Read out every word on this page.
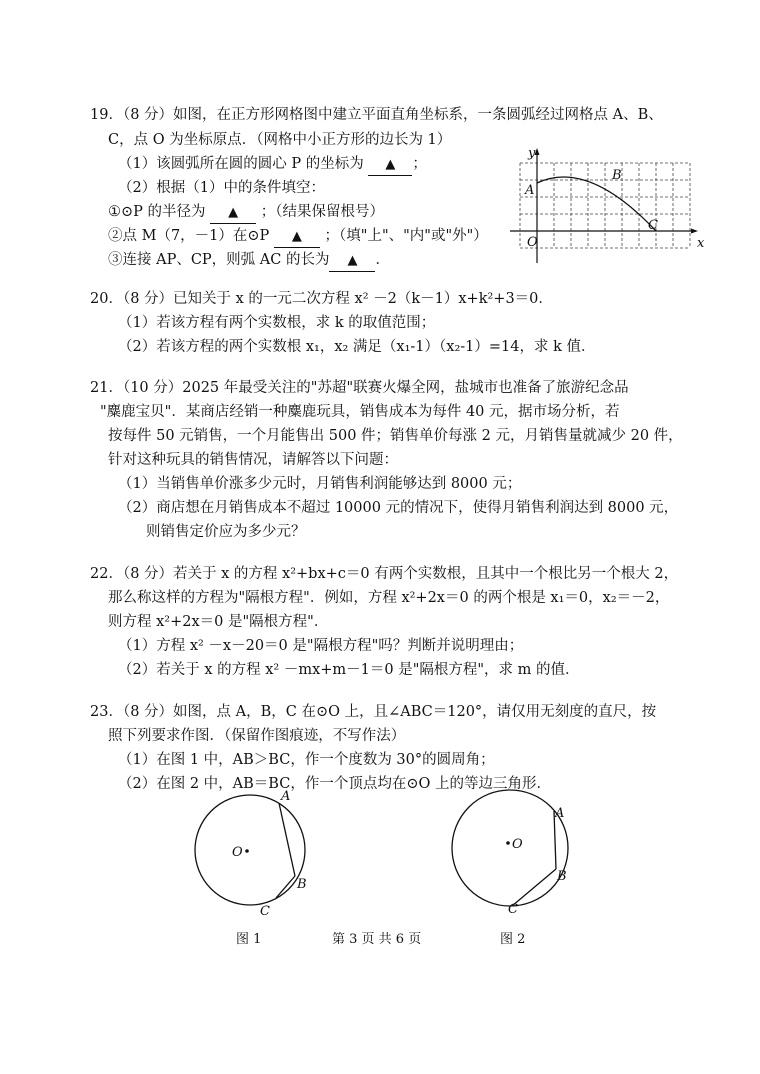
19．（8 分）如图，在正方形网格图中建立平面直角坐标系，一条圆弧经过网格点 A、B、
C，点 O 为坐标原点．（网格中小正方形的边长为 1）
（1）该圆弧所在圆的圆心 P 的坐标为 ▲ ；
（2）根据（1）中的条件填空：
①⊙P 的半径为 ▲ ；（结果保留根号）
②点 M（7，－1）在⊙P ▲ ；（填"上"、"内"或"外"）
③连接 AP、CP，则弧 AC 的长为 ▲ ．
y
x
A
B
C
O
20．（8 分）已知关于 x 的一元二次方程 x² －2（k－1）x+k²+3＝0．
（1）若该方程有两个实数根，求 k 的取值范围；
（2）若该方程的两个实数根 x₁，x₂ 满足（x₁-1）（x₂-1）=14，求 k 值．
21．（10 分）2025 年最受关注的"苏超"联赛火爆全网，盐城市也准备了旅游纪念品
"麋鹿宝贝"．某商店经销一种麋鹿玩具，销售成本为每件 40 元，据市场分析，若
按每件 50 元销售，一个月能售出 500 件；销售单价每涨 2 元，月销售量就减少 20 件，
针对这种玩具的销售情况，请解答以下问题：
（1）当销售单价涨多少元时，月销售利润能够达到 8000 元；
（2）商店想在月销售成本不超过 10000 元的情况下，使得月销售利润达到 8000 元，
则销售定价应为多少元？
22．（8 分）若关于 x 的方程 x²+bx+c＝0 有两个实数根，且其中一个根比另一个根大 2，
那么称这样的方程为"隔根方程"．例如，方程 x²+2x＝0 的两个根是 x₁＝0，x₂＝－2，
则方程 x²+2x＝0 是"隔根方程"．
（1）方程 x² －x－20＝0 是"隔根方程"吗？判断并说明理由；
（2）若关于 x 的方程 x² －mx+m－1＝0 是"隔根方程"，求 m 的值．
23．（8 分）如图，点 A，B，C 在⊙O 上，且∠ABC＝120°，请仅用无刻度的直尺，按
照下列要求作图．（保留作图痕迹，不写作法）
（1）在图 1 中，AB＞BC，作一个度数为 30°的圆周角；
（2）在图 2 中，AB＝BC，作一个顶点均在⊙O 上的等边三角形．
O
A
B
C
图 1	第 3 页 共 6 页
O
A
B
C
图 2
